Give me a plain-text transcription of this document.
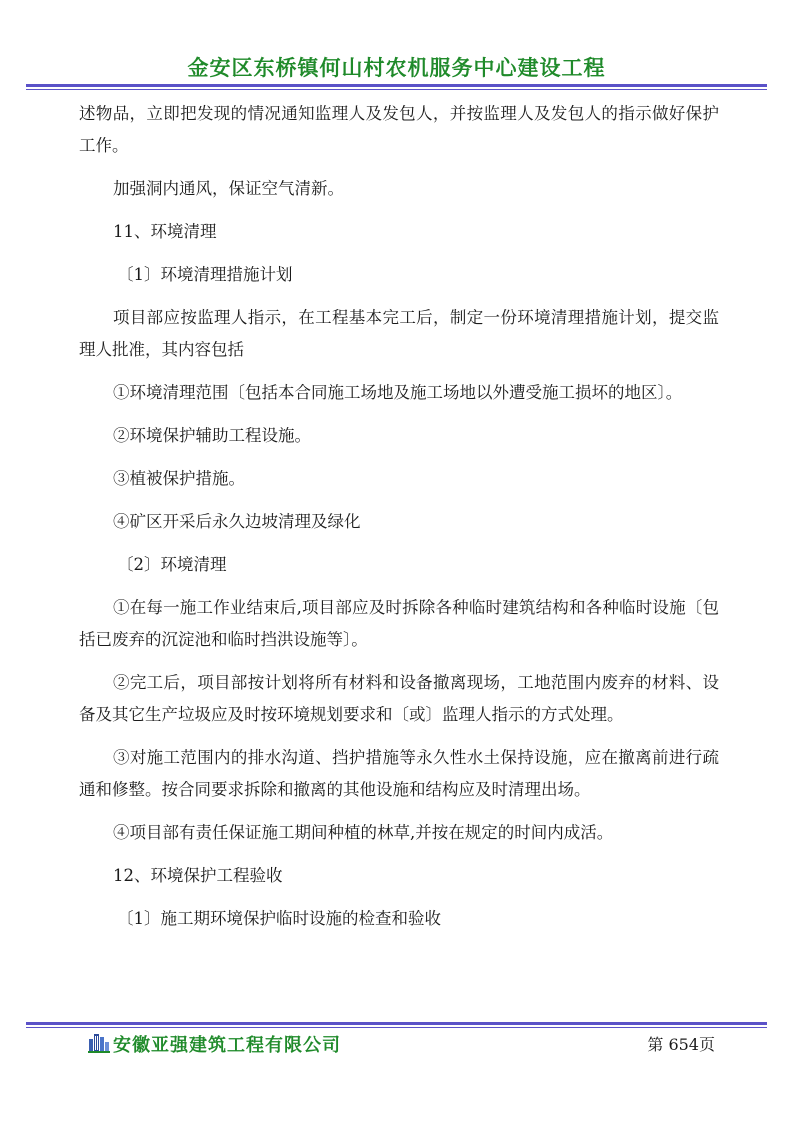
金安区东桥镇何山村农机服务中心建设工程

述物品，立即把发现的情况通知监理人及发包人，并按监理人及发包人的指示做好保护工作。

加强洞内通风，保证空气清新。

11、环境清理

〔1〕环境清理措施计划

项目部应按监理人指示，在工程基本完工后，制定一份环境清理措施计划，提交监理人批准，其内容包括

①环境清理范围〔包括本合同施工场地及施工场地以外遭受施工损坏的地区〕。

②环境保护辅助工程设施。

③植被保护措施。

④矿区开采后永久边坡清理及绿化

〔2〕环境清理

①在每一施工作业结束后,项目部应及时拆除各种临时建筑结构和各种临时设施〔包括已废弃的沉淀池和临时挡洪设施等〕。

②完工后，项目部按计划将所有材料和设备撤离现场，工地范围内废弃的材料、设备及其它生产垃圾应及时按环境规划要求和〔或〕监理人指示的方式处理。

③对施工范围内的排水沟道、挡护措施等永久性水土保持设施，应在撤离前进行疏通和修整。按合同要求拆除和撤离的其他设施和结构应及时清理出场。

④项目部有责任保证施工期间种植的林草,并按在规定的时间内成活。

12、环境保护工程验收

〔1〕施工期环境保护临时设施的检查和验收

安徽亚强建筑工程有限公司	第 654页
